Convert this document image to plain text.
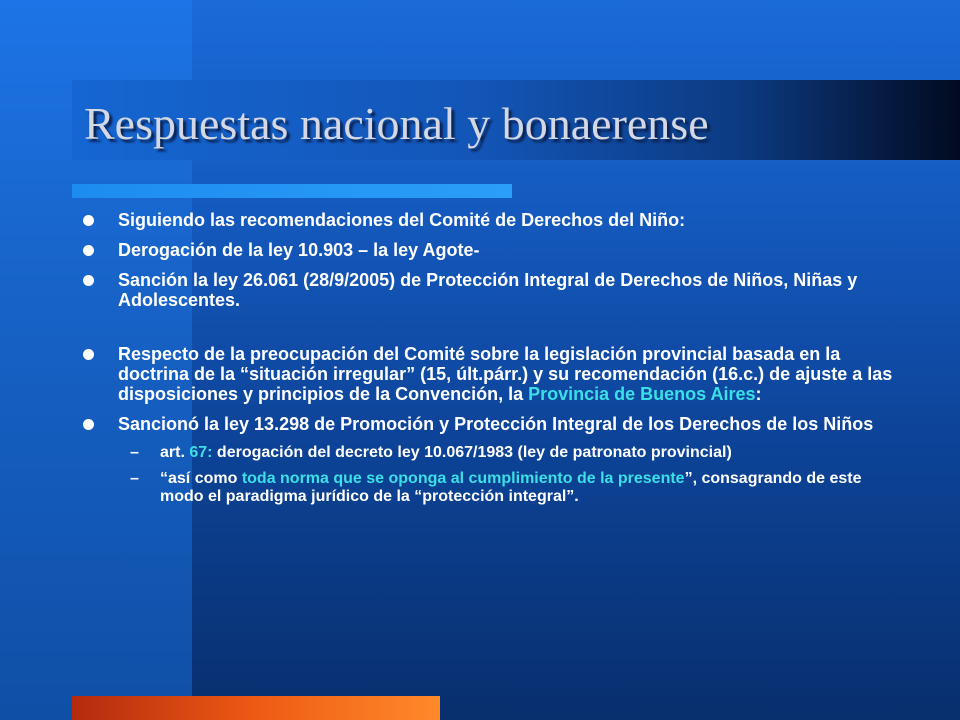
Respuestas nacional y bonaerense
Siguiendo las recomendaciones del Comité de Derechos del Niño:
Derogación de la ley 10.903 – la ley Agote-
Sanción la ley 26.061 (28/9/2005) de Protección Integral de Derechos de Niños, Niñas y Adolescentes.
Respecto de la preocupación del Comité sobre la legislación provincial basada en la doctrina de la “situación irregular” (15, últ.párr.) y su recomendación (16.c.) de ajuste a las disposiciones y principios de la Convención, la Provincia de Buenos Aires:
Sancionó la ley 13.298 de Promoción y Protección Integral de los Derechos de los Niños
– art. 67: derogación del decreto ley 10.067/1983 (ley de patronato provincial)
– “así como toda norma que se oponga al cumplimiento de la presente”, consagrando de este modo el paradigma jurídico de la “protección integral”.
